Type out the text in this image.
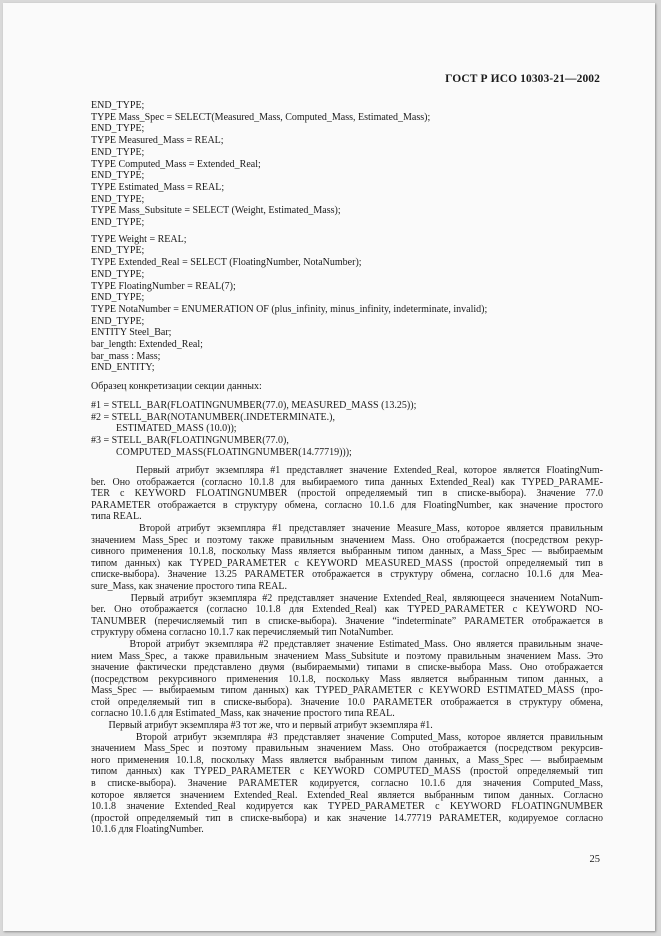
ГОСТ Р ИСО 10303-21—2002
END_TYPE;
TYPE Mass_Spec = SELECT(Measured_Mass, Computed_Mass, Estimated_Mass);
END_TYPE;
TYPE Measured_Mass = REAL;
END_TYPE;
TYPE Computed_Mass = Extended_Real;
END_TYPE;
TYPE Estimated_Mass = REAL;
END_TYPE;
TYPE Mass_Subsitute = SELECT (Weight, Estimated_Mass);
END_TYPE;
TYPE Weight = REAL;
END_TYPE;
TYPE Extended_Real = SELECT (FloatingNumber, NotaNumber);
END_TYPE;
TYPE FloatingNumber = REAL(7);
END_TYPE;
TYPE NotaNumber = ENUMERATION OF (plus_infinity, minus_infinity, indeterminate, invalid);
END_TYPE;
ENTITY Steel_Bar;
bar_length: Extended_Real;
bar_mass : Mass;
END_ENTITY;
Образец конкретизации секции данных:
#1 = STELL_BAR(FLOATINGNUMBER(77.0), MEASURED_MASS (13.25));
#2 = STELL_BAR(NOTANUMBER(.INDETERMINATE.),
ESTIMATED_MASS (10.0));
#3 = STELL_BAR(FLOATINGNUMBER(77.0),
COMPUTED_MASS(FLOATINGNUMBER(14.77719)));

Первый атрибут экземпляра #1 представляет значение Extended_Real, которое является FloatingNum-
ber. Оно отображается (согласно 10.1.8 для выбираемого типа данных Extended_Real) как TYPED_PARAME-
TER с KEYWORD FLOATINGNUMBER (простой определяемый тип в списке-выбора). Значение 77.0
PARAMETER отображается в структуру обмена, согласно 10.1.6 для FloatingNumber, как значение простого
типа REAL.

Второй атрибут экземпляра #1 представляет значение Measure_Mass, которое является правильным
значением Mass_Spec и поэтому также правильным значением Mass. Оно отображается (посредством рекур-
сивного применения 10.1.8, поскольку Mass является выбранным типом данных, а Mass_Spec — выбираемым
типом данных) как TYPED_PARAMETER с KEYWORD MEASURED_MASS (простой определяемый тип в
списке-выбора). Значение 13.25 PARAMETER отображается в структуру обмена, согласно 10.1.6 для Mea-
sure_Mass, как значение простого типа REAL.

Первый атрибут экземпляра #2 представляет значение Extended_Real, являющееся значением NotaNum-
ber. Оно отображается (согласно 10.1.8 для Extended_Real) как TYPED_PARAMETER с KEYWORD NO-
TANUMBER (перечисляемый тип в списке-выбора). Значение “indeterminate” PARAMETER отображается в
структуру обмена согласно 10.1.7 как перечисляемый тип NotaNumber.

Второй атрибут экземпляра #2 представляет значение Estimated_Mass. Оно является правильным значе-
нием Mass_Spec, а также правильным значением Mass_Subsitute и поэтому правильным значением Mass. Это
значение фактически представлено двумя (выбираемыми) типами в списке-выбора Mass. Оно отображается
(посредством рекурсивного применения 10.1.8, поскольку Mass является выбранным типом данных, а
Mass_Spec — выбираемым типом данных) как TYPED_PARAMETER с KEYWORD ESTIMATED_MASS (про-
стой определяемый тип в списке-выбора). Значение 10.0 PARAMETER отображается в структуру обмена,
согласно 10.1.6 для Estimated_Mass, как значение простого типа REAL.

Первый атрибут экземпляра #3 тот же, что и первый атрибут экземпляра #1.

Второй атрибут экземпляра #3 представляет значение Computed_Mass, которое является правильным
значением Mass_Spec и поэтому правильным значением Mass. Оно отображается (посредством рекурсив-
ного применения 10.1.8, поскольку Mass является выбранным типом данных, а Mass_Spec — выбираемым
типом данных) как TYPED_PARAMETER с KEYWORD COMPUTED_MASS (простой определяемый тип
в списке-выбора). Значение PARAMETER кодируется, согласно 10.1.6 для значения Computed_Mass,
которое является значением Extended_Real. Extended_Real является выбранным типом данных. Согласно
10.1.8 значение Extended_Real кодируется как TYPED_PARAMETER с KEYWORD FLOATINGNUMBER
(простой определяемый тип в списке-выбора) и как значение 14.77719 PARAMETER, кодируемое согласно
10.1.6 для FloatingNumber.

25
